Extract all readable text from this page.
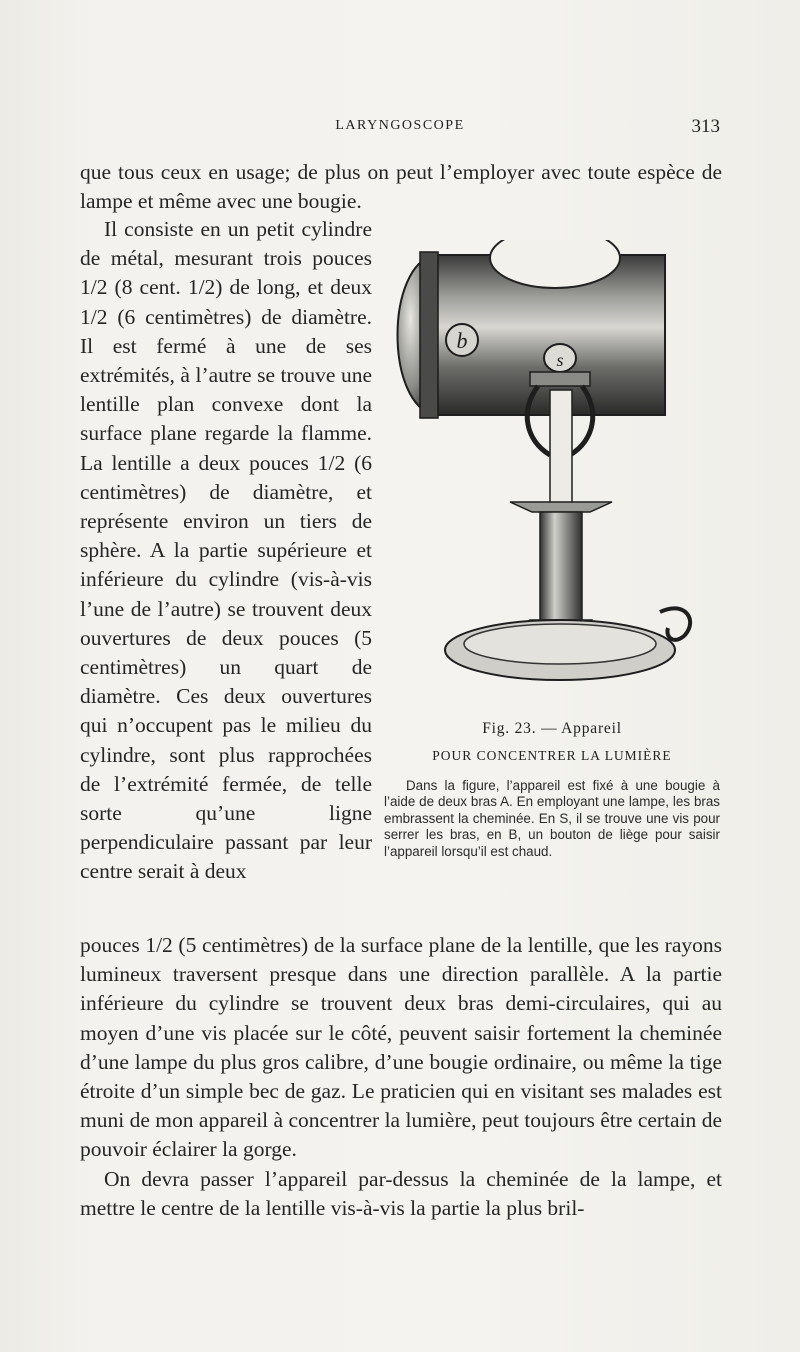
LARYNGOSCOPE	313
que tous ceux en usage; de plus on peut l’employer avec toute espèce de lampe et même avec une bougie.
Il consiste en un petit cylindre de métal, mesurant trois pouces 1/2 (8 cent. 1/2) de long, et deux 1/2 (6 centimètres) de diamètre. Il est fermé à une de ses extrémités, à l’autre se trouve une lentille plan convexe dont la surface plane regarde la flamme. La lentille a deux pouces 1/2 (6 centimètres) de diamètre, et représente environ un tiers de sphère. A la partie supérieure et inférieure du cylindre (vis-à-vis l’une de l’autre) se trouvent deux ouvertures de deux pouces (5 centimètres) un quart de diamètre. Ces deux ouvertures qui n’occupent pas le milieu du cylindre, sont plus rapprochées de l’extrémité fermée, de telle sorte qu’une ligne perpendiculaire passant par leur centre serait à deux
b
s
Fig. 23. — Appareil
POUR CONCENTRER LA LUMIÈRE
Dans la figure, l’appareil est fixé à une bougie à l’aide de deux bras A. En employant une lampe, les bras embrassent la cheminée. En S, il se trouve une vis pour serrer les bras, en B, un bouton de liège pour saisir l’appareil lorsqu’il est chaud.
pouces 1/2 (5 centimètres) de la surface plane de la lentille, que les rayons lumineux traversent presque dans une direction parallèle. A la partie inférieure du cylindre se trouvent deux bras demi-circulaires, qui au moyen d’une vis placée sur le côté, peuvent saisir fortement la cheminée d’une lampe du plus gros calibre, d’une bougie ordinaire, ou même la tige étroite d’un simple bec de gaz. Le praticien qui en visitant ses malades est muni de mon appareil à concentrer la lumière, peut toujours être certain de pouvoir éclairer la gorge.
On devra passer l’appareil par-dessus la cheminée de la lampe, et mettre le centre de la lentille vis-à-vis la partie la plus bril-
